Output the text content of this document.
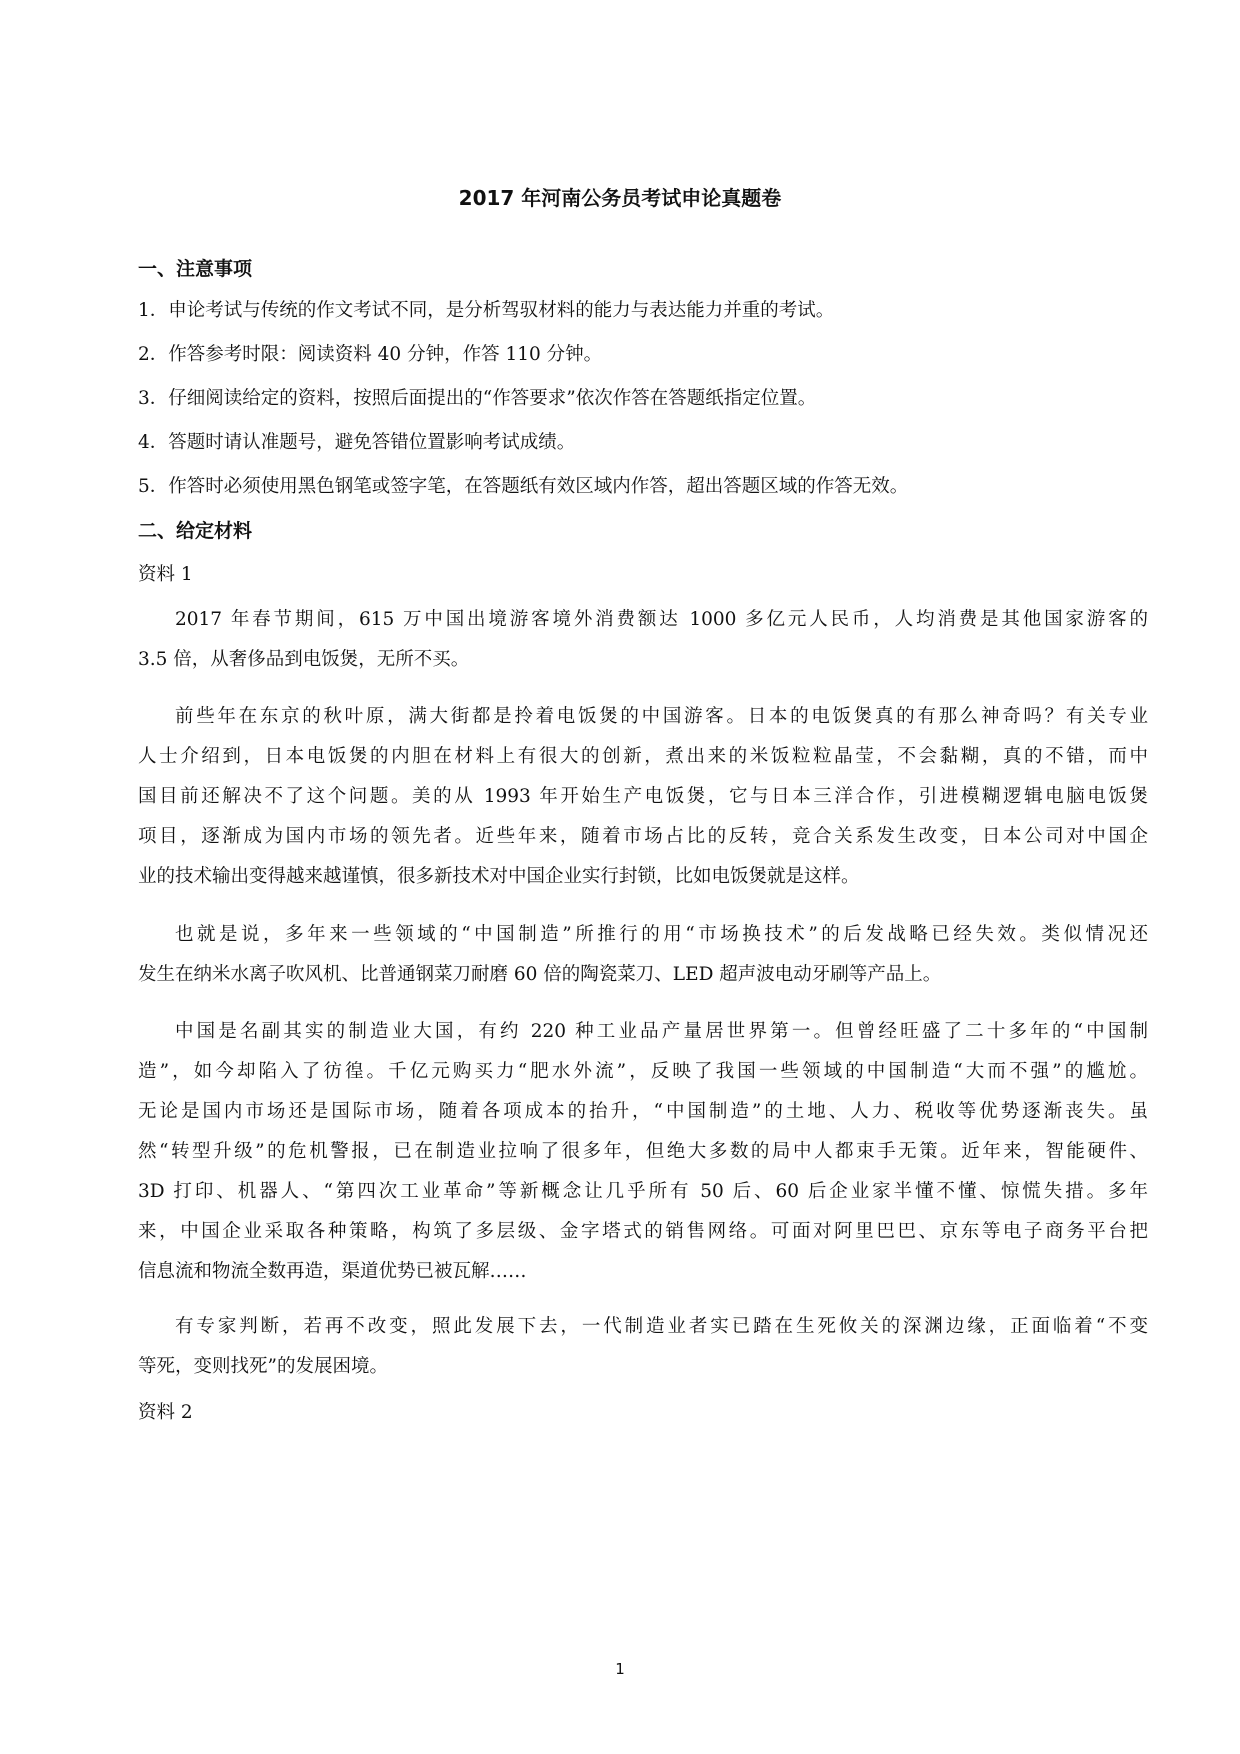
2017 年河南公务员考试申论真题卷
一、注意事项
1．申论考试与传统的作文考试不同，是分析驾驭材料的能力与表达能力并重的考试。
2．作答参考时限：阅读资料 40 分钟，作答 110 分钟。
3．仔细阅读给定的资料，按照后面提出的“作答要求”依次作答在答题纸指定位置。
4．答题时请认准题号，避免答错位置影响考试成绩。
5．作答时必须使用黑色钢笔或签字笔，在答题纸有效区域内作答，超出答题区域的作答无效。
二、给定材料
资料 1
2017 年春节期间，615 万中国出境游客境外消费额达 1000 多亿元人民币，人均消费是其他国家游客的
3.5 倍，从奢侈品到电饭煲，无所不买。
前些年在东京的秋叶原，满大街都是拎着电饭煲的中国游客。日本的电饭煲真的有那么神奇吗？有关专业
人士介绍到，日本电饭煲的内胆在材料上有很大的创新，煮出来的米饭粒粒晶莹，不会黏糊，真的不错，而中
国目前还解决不了这个问题。美的从 1993 年开始生产电饭煲，它与日本三洋合作，引进模糊逻辑电脑电饭煲
项目，逐渐成为国内市场的领先者。近些年来，随着市场占比的反转，竞合关系发生改变，日本公司对中国企
业的技术输出变得越来越谨慎，很多新技术对中国企业实行封锁，比如电饭煲就是这样。
也就是说，多年来一些领域的“中国制造”所推行的用“市场换技术”的后发战略已经失效。类似情况还
发生在纳米水离子吹风机、比普通钢菜刀耐磨 60 倍的陶瓷菜刀、LED 超声波电动牙刷等产品上。
中国是名副其实的制造业大国，有约 220 种工业品产量居世界第一。但曾经旺盛了二十多年的“中国制
造”，如今却陷入了彷徨。千亿元购买力“肥水外流”，反映了我国一些领域的中国制造“大而不强”的尴尬。
无论是国内市场还是国际市场，随着各项成本的抬升，“中国制造”的土地、人力、税收等优势逐渐丧失。虽
然“转型升级”的危机警报，已在制造业拉响了很多年，但绝大多数的局中人都束手无策。近年来，智能硬件、
3D 打印、机器人、“第四次工业革命”等新概念让几乎所有 50 后、60 后企业家半懂不懂、惊慌失措。多年
来，中国企业采取各种策略，构筑了多层级、金字塔式的销售网络。可面对阿里巴巴、京东等电子商务平台把
信息流和物流全数再造，渠道优势已被瓦解……
有专家判断，若再不改变，照此发展下去，一代制造业者实已踏在生死攸关的深渊边缘，正面临着“不变
等死，变则找死”的发展困境。
资料 2
1
